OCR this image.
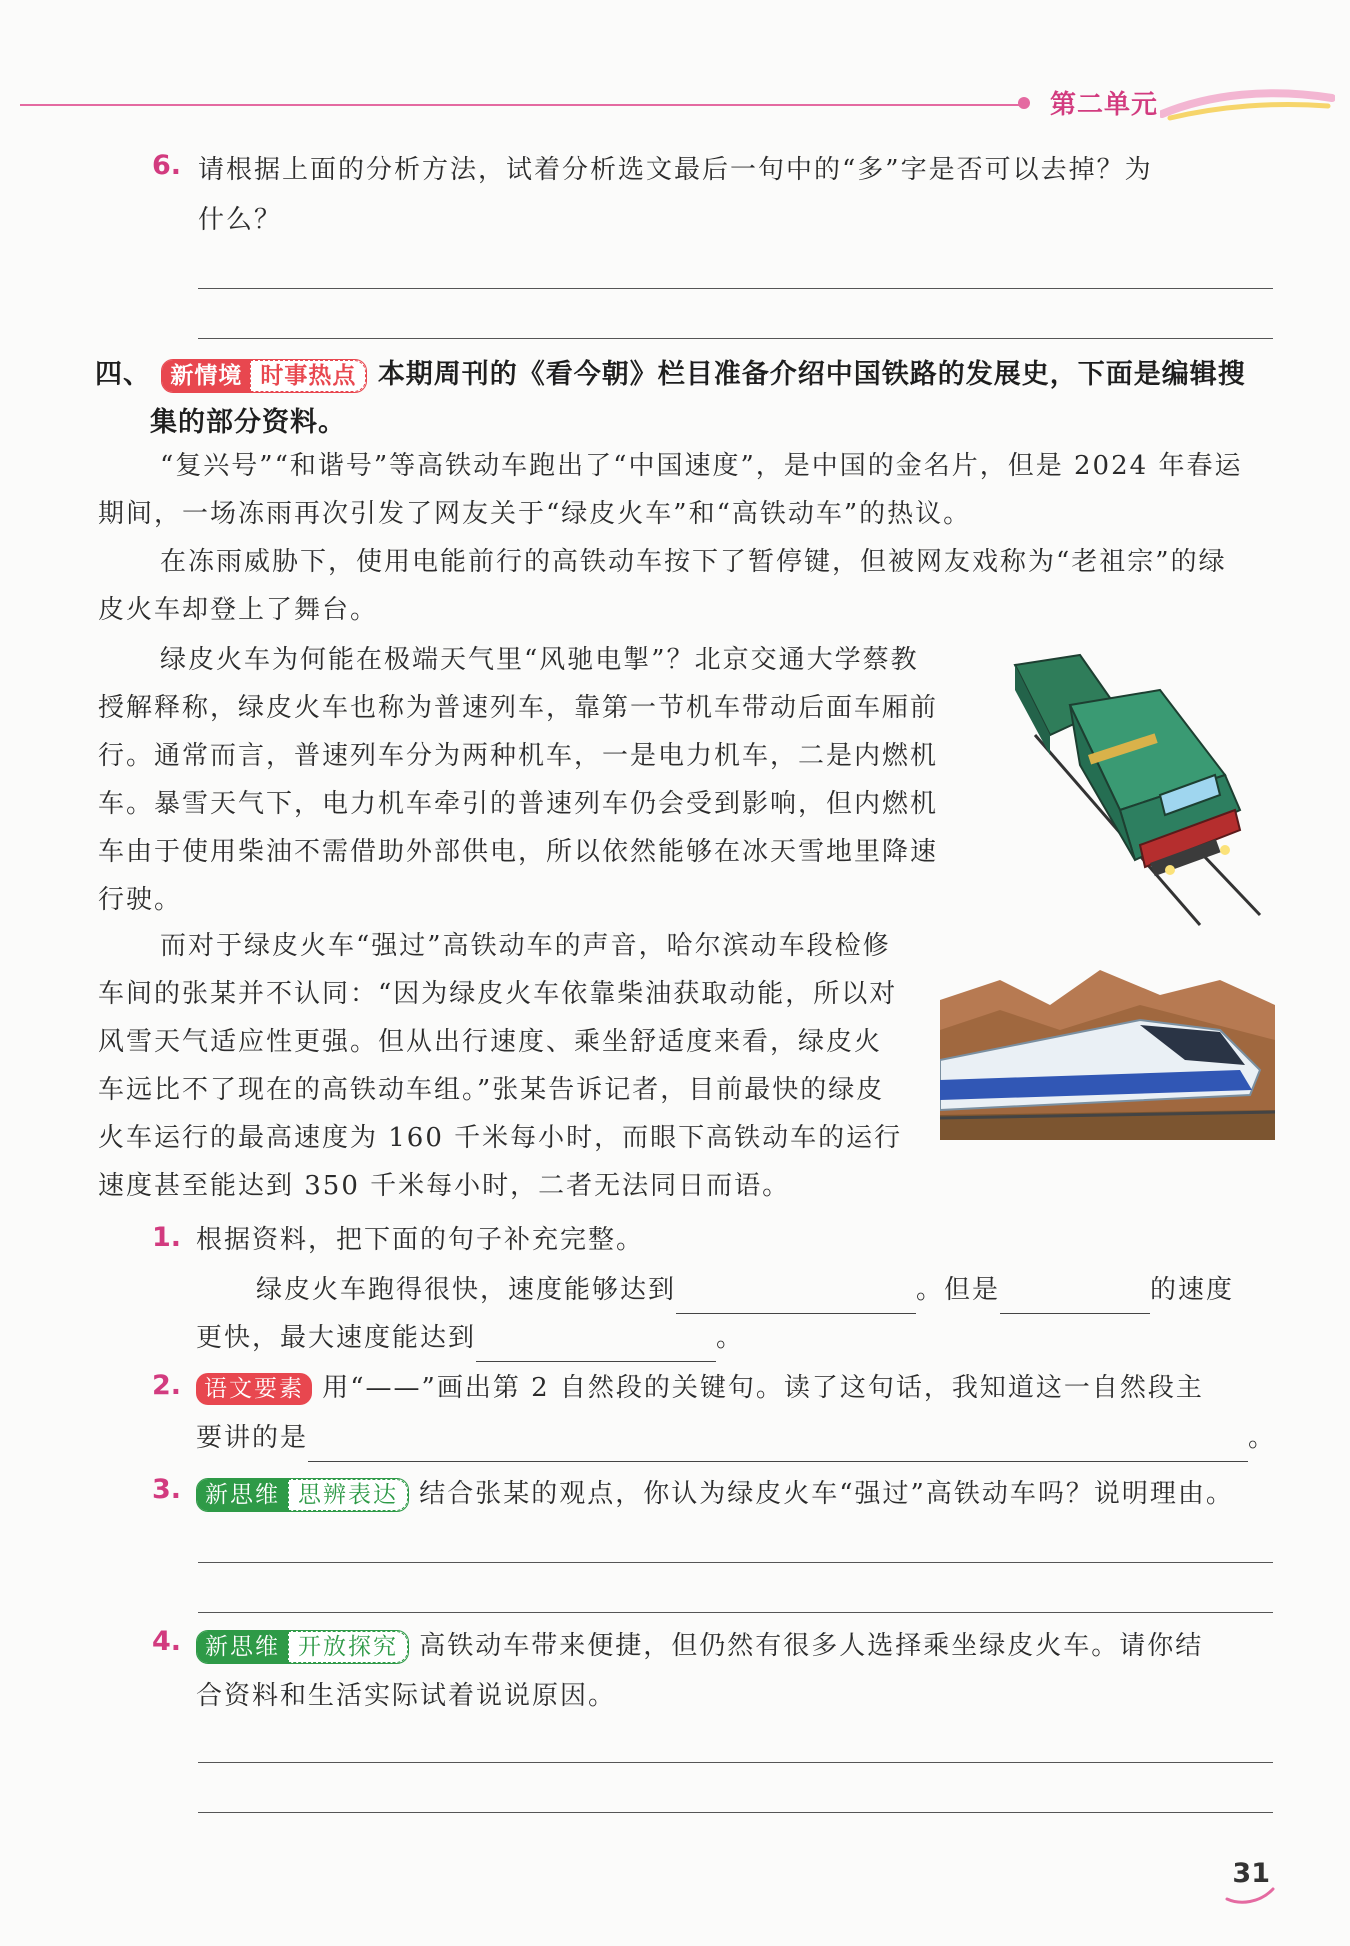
第二单元
6. 请根据上面的分析方法，试着分析选文最后一句中的“多”字是否可以去掉？为
什么？
四、 新情境 时事热点 本期周刊的《看今朝》栏目准备介绍中国铁路的发展史，下面是编辑搜
集的部分资料。
“复兴号”“和谐号”等高铁动车跑出了“中国速度”，是中国的金名片，但是 2024 年春运
期间，一场冻雨再次引发了网友关于“绿皮火车”和“高铁动车”的热议。
在冻雨威胁下，使用电能前行的高铁动车按下了暂停键，但被网友戏称为“老祖宗”的绿
皮火车却登上了舞台。
绿皮火车为何能在极端天气里“风驰电掣”？北京交通大学蔡教
授解释称，绿皮火车也称为普速列车，靠第一节机车带动后面车厢前
行。通常而言，普速列车分为两种机车，一是电力机车，二是内燃机
车。暴雪天气下，电力机车牵引的普速列车仍会受到影响，但内燃机
车由于使用柴油不需借助外部供电，所以依然能够在冰天雪地里降速
行驶。
而对于绿皮火车“强过”高铁动车的声音，哈尔滨动车段检修
车间的张某并不认同：“因为绿皮火车依靠柴油获取动能，所以对
风雪天气适应性更强。但从出行速度、乘坐舒适度来看，绿皮火
车远比不了现在的高铁动车组。”张某告诉记者，目前最快的绿皮
火车运行的最高速度为 160 千米每小时，而眼下高铁动车的运行
速度甚至能达到 350 千米每小时，二者无法同日而语。
1. 根据资料，把下面的句子补充完整。
绿皮火车跑得很快，速度能够达到	。但是	的速度
更快，最大速度能达到	。
2. 语文要素 用“——”画出第 2 自然段的关键句。读了这句话，我知道这一自然段主
要讲的是	。
3.	新思维 思辨表达 结合张某的观点，你认为绿皮火车“强过”高铁动车吗？说明理由。
4.	新思维 开放探究 高铁动车带来便捷，但仍然有很多人选择乘坐绿皮火车。请你结
合资料和生活实际试着说说原因。
31
